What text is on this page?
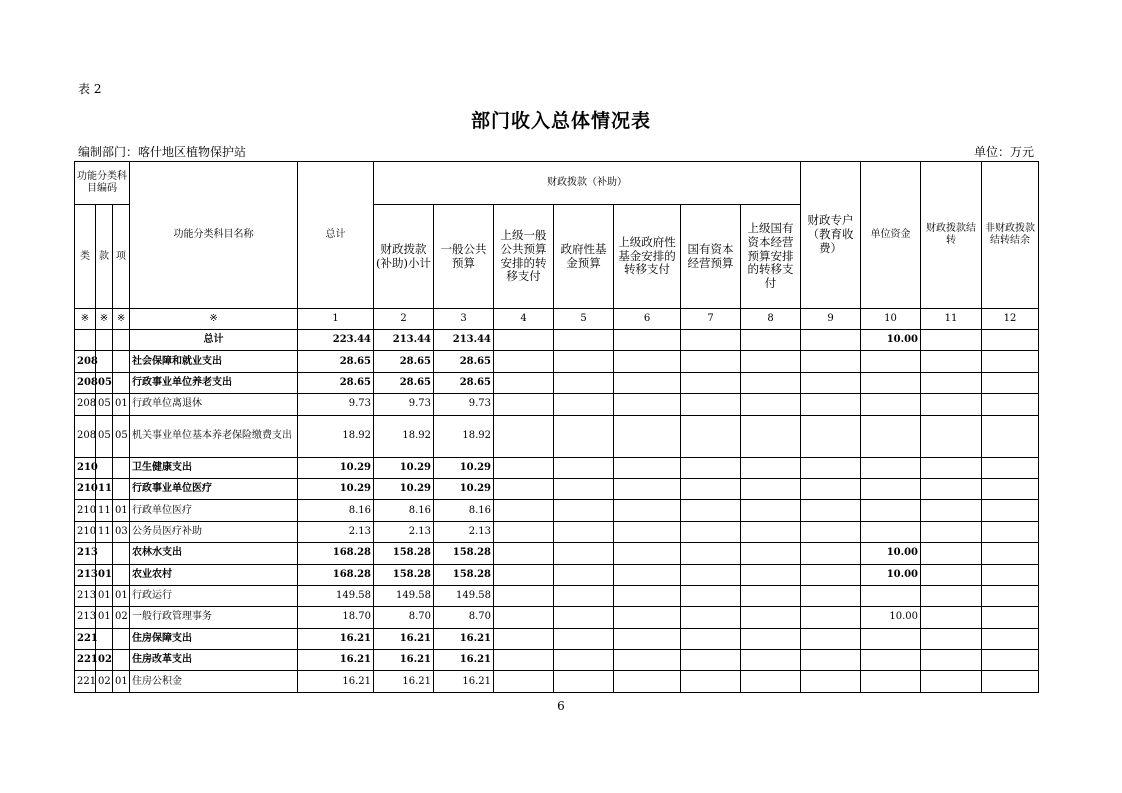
表 2
部门收入总体情况表
编制部门：喀什地区植物保护站	单位：万元
功能分类科目编码			功能分类科目名称	总计	财政拨款（补助）							财政专户（教育收费）	单位资金	财政拨款结转	非财政拨款结转结余
类	款	项			财政拨款(补助)小计	一般公共预算	上级一般公共预算安排的转移支付	政府性基金预算	上级政府性基金安排的转移支付	国有资本经营预算	上级国有资本经营预算安排的转移支付				
※	※	※	※	1	2	3	4	5	6	7	8	9	10	11	12
			总计	223.44	213.44	213.44							10.00		
208			社会保障和就业支出	28.65	28.65	28.65									
208	05		行政事业单位养老支出	28.65	28.65	28.65									
208	05	01	行政单位离退休	9.73	9.73	9.73									
208	05	05	机关事业单位基本养老保险缴费支出	18.92	18.92	18.92									
210			卫生健康支出	10.29	10.29	10.29									
210	11		行政事业单位医疗	10.29	10.29	10.29									
210	11	01	行政单位医疗	8.16	8.16	8.16									
210	11	03	公务员医疗补助	2.13	2.13	2.13									
213			农林水支出	168.28	158.28	158.28							10.00		
213	01		农业农村	168.28	158.28	158.28							10.00		
213	01	01	行政运行	149.58	149.58	149.58									
213	01	02	一般行政管理事务	18.70	8.70	8.70							10.00		
221			住房保障支出	16.21	16.21	16.21									
221	02		住房改革支出	16.21	16.21	16.21									
221	02	01	住房公积金	16.21	16.21	16.21									
6
